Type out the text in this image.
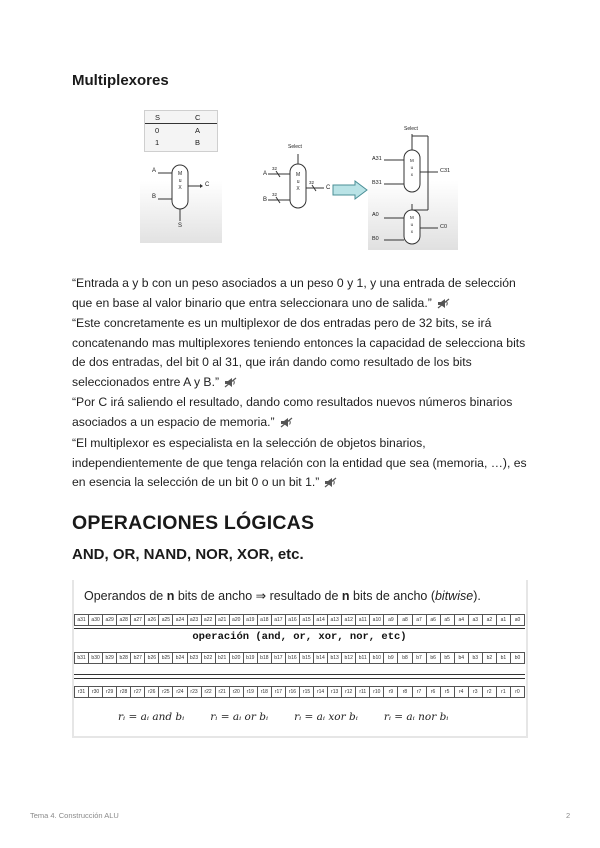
Multiplexores
S	C
0	A
1	B
A
B
C
S
M
u
X
Select
A
B
C
32
32
32
M
u
X
Select
A31
B31
C31
A0
B0
C0
M
u
x
M
u
x
“Entrada a y b con un peso asociados a un peso 0 y 1, y una entrada de selección que en base al valor binario que entra seleccionara uno de salida.”
“Este concretamente es un multiplexor de dos entradas pero de 32 bits, se irá concatenando mas multiplexores teniendo entonces la capacidad de selecciona bits de dos entradas, del bit 0 al 31, que irán dando como resultado de los bits seleccionados entre A y B.”
“Por C irá saliendo el resultado, dando como resultados nuevos números binarios asociados a un espacio de memoria.”
“El multiplexor es especialista en la selección de objetos binarios, independientemente de que tenga relación con la entidad que sea (memoria, …), es en esencia la selección de un bit 0 o un bit 1.”
OPERACIONES LÓGICAS
AND, OR, NAND, NOR, XOR, etc.
Operandos de n bits de ancho ⇒ resultado de n bits de ancho (bitwise).
a31	a30	a29	a28	a27	a26	a25	a24	a23	a22	a21	a20	a19	a18	a17	a16	a15	a14	a13	a12	a11	a10	a9	a8	a7	a6	a5	a4	a3	a2	a1	a0
operación (and, or, xor, nor, etc)
b31	b30	b29	b28	b27	b26	b25	b24	b23	b22	b21	b20	b19	b18	b17	b16	b15	b14	b13	b12	b11	b10	b9	b8	b7	b6	b5	b4	b3	b2	b1	b0
r31	r30	r29	r28	r27	r26	r25	r24	r23	r22	r21	r20	r19	r18	r17	r16	r15	r14	r13	r12	r11	r10	r9	r8	r7	r6	r5	r4	r3	r2	r1	r0
rᵢ = aᵢ and bᵢ rᵢ = aᵢ or bᵢ rᵢ = aᵢ xor bᵢ rᵢ = aᵢ nor bᵢ
Tema 4. Construcción ALU	2
